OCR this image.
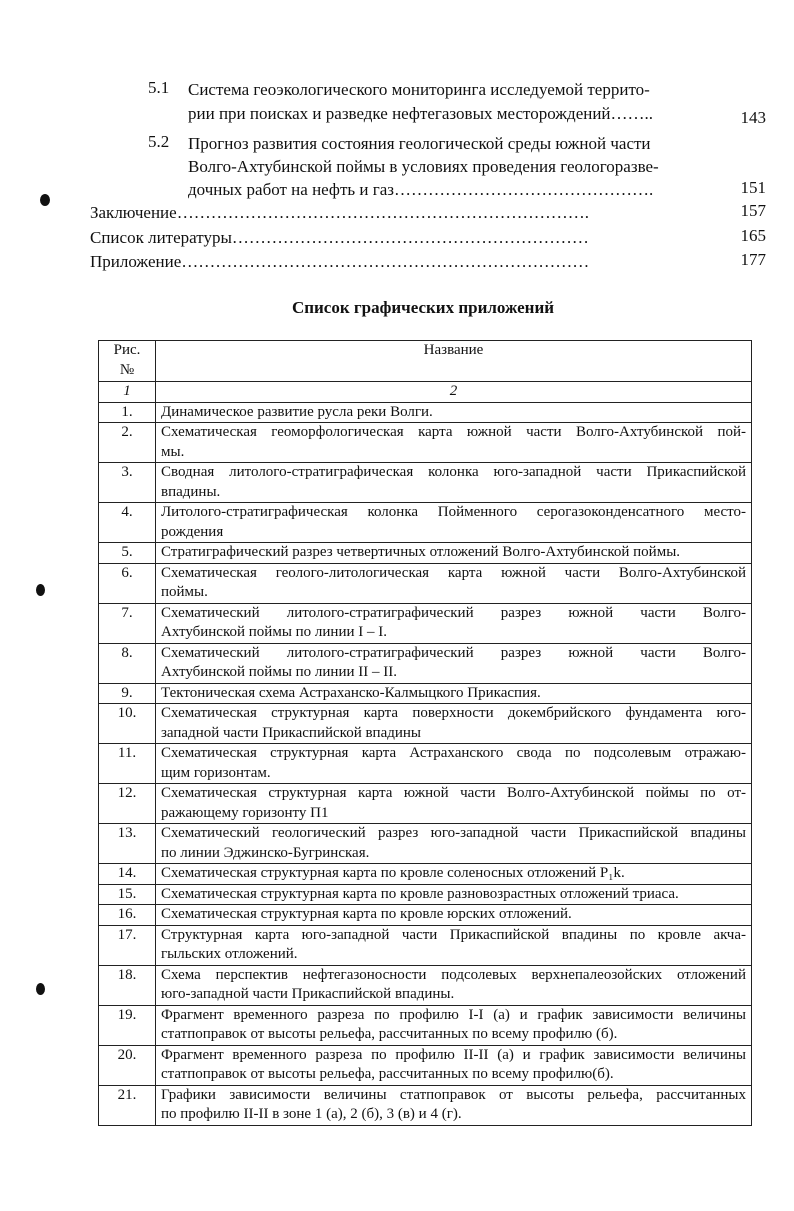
5.1 Система геоэкологического мониторинга исследуемой террито-
рии при поисках и разведке нефтегазовых месторождений……..	143
5.2 Прогноз развития состояния геологической среды южной части
Волго-Ахтубинской поймы в условиях проведения геологоразве-
дочных работ на нефть и газ……………………………………….	151
Заключение……………………………………………………………….	157
Список литературы………………………………………………………	165
Приложение………………………………………………………………	177
Список графических приложений
Рис.
№	Название
1	2
1.	Динамическое развитие русла реки Волги.

2.	Схематическая геоморфологическая карта южной части Волго-Ахтубинской пой-
мы.

3.	Сводная литолого-стратиграфическая колонка юго-западной части Прикаспийской
впадины.

4.	Литолого-стратиграфическая колонка Пойменного серогазоконденсатного место-
рождения

5.	Стратиграфический разрез четвертичных отложений Волго-Ахтубинской поймы.

6.	Схематическая геолого-литологическая карта южной части Волго-Ахтубинской
поймы.

7.	Схематический литолого-стратиграфический разрез южной части Волго-
Ахтубинской поймы по линии I – I.

8.	Схематический литолого-стратиграфический разрез южной части Волго-
Ахтубинской поймы по линии II – II.

9.	Тектоническая схема Астраханско-Калмыцкого Прикаспия.

10.	Схематическая структурная карта поверхности докембрийского фундамента юго-
западной части Прикаспийской впадины

11.	Схематическая структурная карта Астраханского свода по подсолевым отражаю-
щим горизонтам.

12.	Схематическая структурная карта южной части Волго-Ахтубинской поймы по от-
ражающему горизонту П1

13.	Схематический геологический разрез юго-западной части Прикаспийской впадины
по линии Эджинско-Бугринская.

14.	Схематическая структурная карта по кровле соленосных отложений P₁k.

15.	Схематическая структурная карта по кровле разновозрастных отложений триаса.

16.	Схематическая структурная карта по кровле юрских отложений.

17.	Структурная карта юго-западной части Прикаспийской впадины по кровле акча-
гыльских отложений.

18.	Схема перспектив нефтегазоносности подсолевых верхнепалеозойских отложений
юго-западной части Прикаспийской впадины.

19.	Фрагмент временного разреза по профилю I-I (а) и график зависимости величины
статпоправок от высоты рельефа, рассчитанных по всему профилю (б).

20.	Фрагмент временного разреза по профилю II-II (а) и график зависимости величины
статпоправок от высоты рельефа, рассчитанных по всему профилю(б).

21.	Графики зависимости величины статпоправок от высоты рельефа, рассчитанных
по профилю II-II в зоне 1 (а), 2 (б), 3 (в) и 4 (г).
